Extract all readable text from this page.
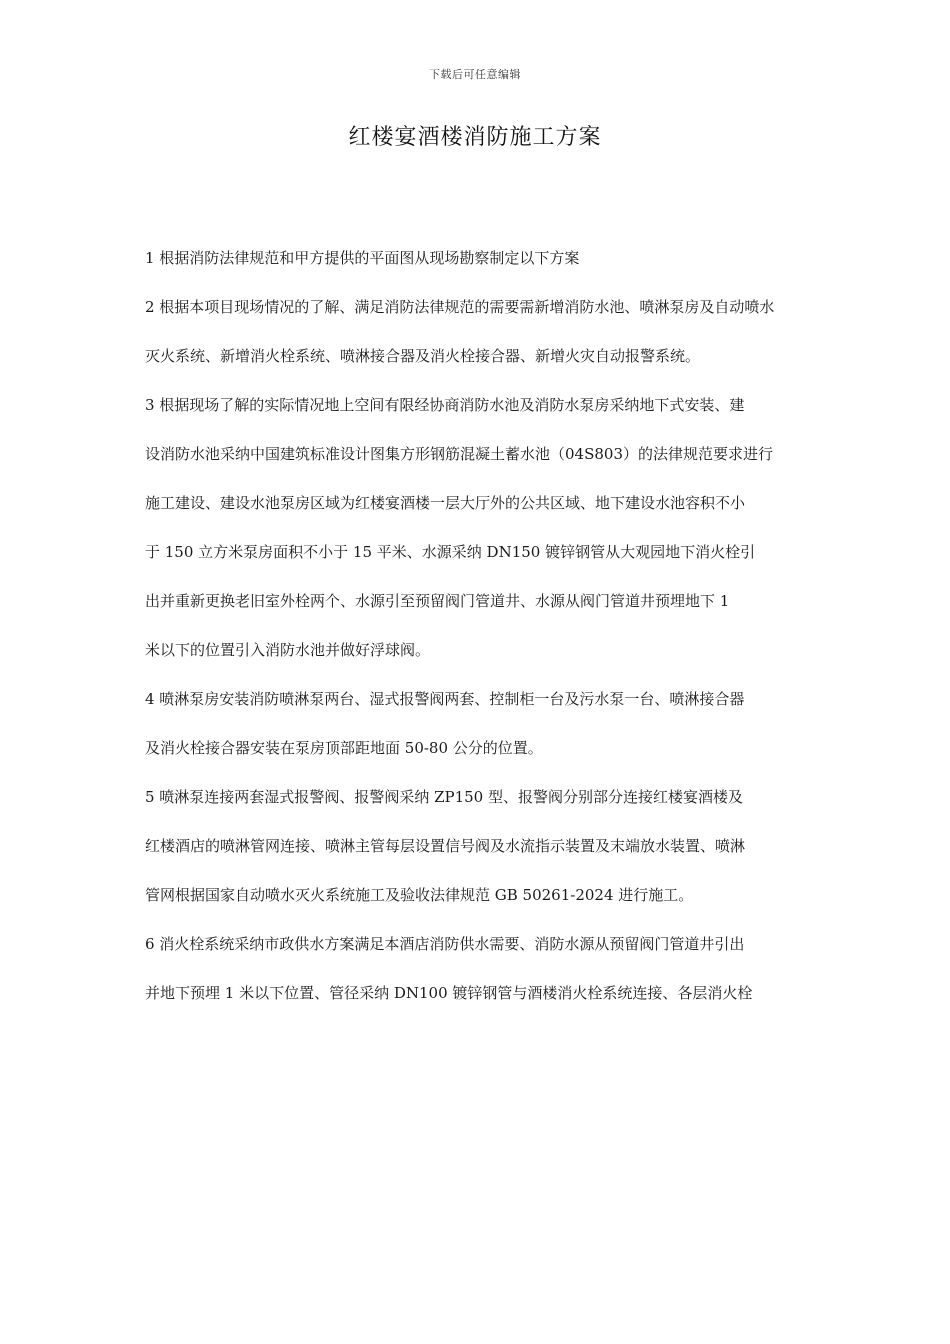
下载后可任意编辑
红楼宴酒楼消防施工方案

1 根据消防法律规范和甲方提供的平面图从现场勘察制定以下方案

2 根据本项目现场情况的了解、满足消防法律规范的需要需新增消防水池、喷淋泵房及自动喷水

灭火系统、新增消火栓系统、喷淋接合器及消火栓接合器、新增火灾自动报警系统。

3 根据现场了解的实际情况地上空间有限经协商消防水池及消防水泵房采纳地下式安装、建

设消防水池采纳中国建筑标准设计图集方形钢筋混凝土蓄水池（04S803）的法律规范要求进行

施工建设、建设水池泵房区域为红楼宴酒楼一层大厅外的公共区域、地下建设水池容积不小

于 150 立方米泵房面积不小于 15 平米、水源采纳 DN150 镀锌钢管从大观园地下消火栓引

出并重新更换老旧室外栓两个、水源引至预留阀门管道井、水源从阀门管道井预埋地下 1

米以下的位置引入消防水池并做好浮球阀。

4 喷淋泵房安装消防喷淋泵两台、湿式报警阀两套、控制柜一台及污水泵一台、喷淋接合器

及消火栓接合器安装在泵房顶部距地面 50-80 公分的位置。

5 喷淋泵连接两套湿式报警阀、报警阀采纳 ZP150 型、报警阀分别部分连接红楼宴酒楼及

红楼酒店的喷淋管网连接、喷淋主管每层设置信号阀及水流指示装置及末端放水装置、喷淋

管网根据国家自动喷水灭火系统施工及验收法律规范 GB 50261-2024 进行施工。

6 消火栓系统采纳市政供水方案满足本酒店消防供水需要、消防水源从预留阀门管道井引出

并地下预埋 1 米以下位置、管径采纳 DN100 镀锌钢管与酒楼消火栓系统连接、各层消火栓
